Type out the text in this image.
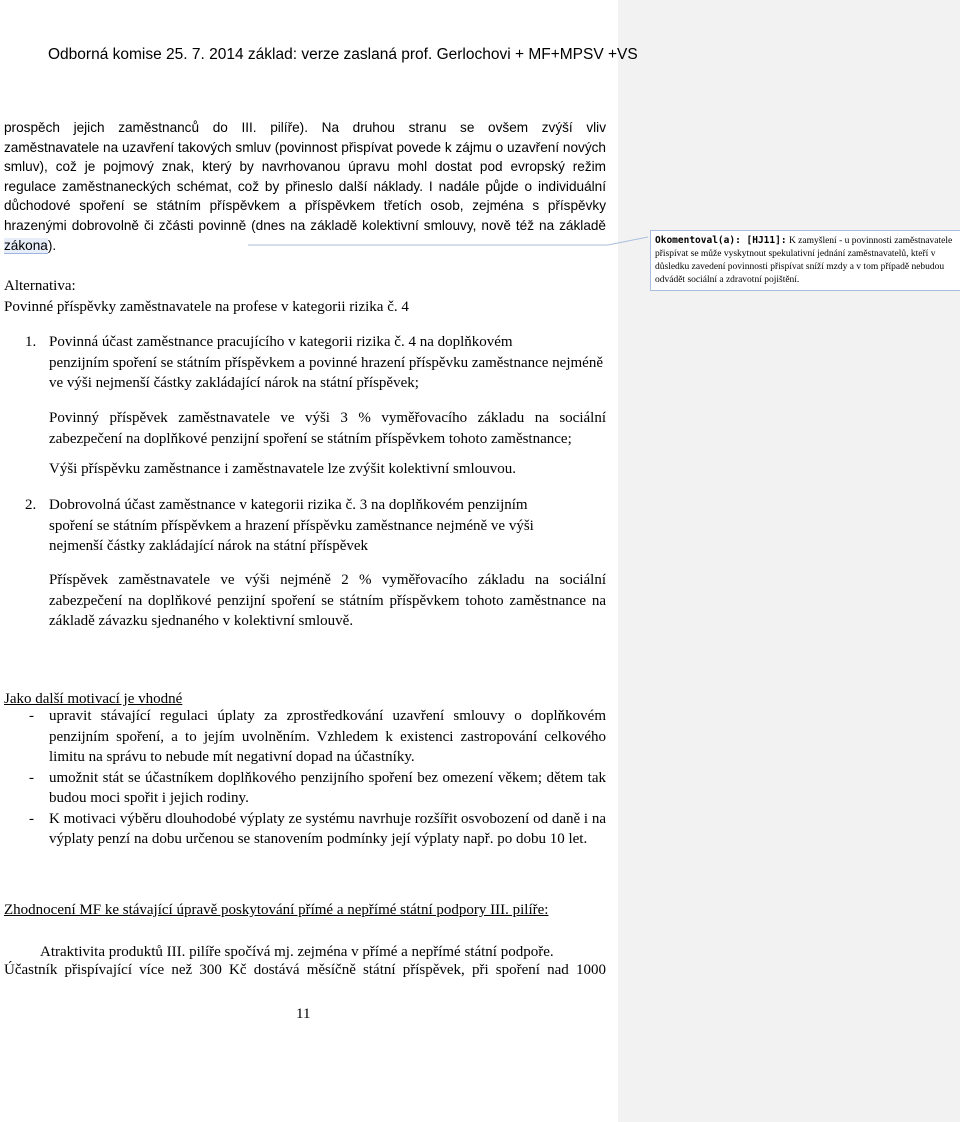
Odborná komise 25. 7. 2014 základ: verze zaslaná prof. Gerlochovi + MF+MPSV +VS
prospěch jejich zaměstnanců do III. pilíře). Na druhou stranu se ovšem zvýší vliv
zaměstnavatele na uzavření takových smluv (povinnost přispívat povede k zájmu o uzavření nových smluv), což je pojmový znak, který by navrhovanou úpravu mohl dostat pod evropský režim regulace zaměstnaneckých schémat, což by přineslo další náklady. I nadále půjde o individuální důchodové spoření se státním příspěvkem a příspěvkem třetích osob, zejména s příspěvky hrazenými dobrovolně či zčásti povinně (dnes na základě kolektivní smlouvy, nově též na základě zákona).	Okomentoval(a): [HJ11]: K zamyšlení - u povinnosti zaměstnavatele přispívat se může vyskytnout spekulativní jednání zaměstnavatelů, kteří v důsledku zavedení povinnosti přispívat sníží mzdy a v tom případě nebudou odvádět sociální a zdravotní pojištění.
Alternativa:
Povinné příspěvky zaměstnavatele na profese v kategorii rizika č. 4
1. Povinná účast zaměstnance pracujícího v kategorii rizika č. 4 na doplňkovém
penzijním spoření se státním příspěvkem a povinné hrazení příspěvku zaměstnance nejméně ve výši nejmenší částky zakládající nárok na státní příspěvek;
Povinný příspěvek zaměstnavatele ve výši 3 % vyměřovacího základu na sociální zabezpečení na doplňkové penzijní spoření se státním příspěvkem tohoto zaměstnance;
Výši příspěvku zaměstnance i zaměstnavatele lze zvýšit kolektivní smlouvou.
2. Dobrovolná účast zaměstnance v kategorii rizika č. 3 na doplňkovém penzijním
spoření se státním příspěvkem a hrazení příspěvku zaměstnance nejméně ve výši nejmenší částky zakládající nárok na státní příspěvek
Příspěvek zaměstnavatele ve výši nejméně 2 % vyměřovacího základu na sociální zabezpečení na doplňkové penzijní spoření se státním příspěvkem tohoto zaměstnance na základě závazku sjednaného v kolektivní smlouvě.
Jako další motivací je vhodné
- upravit stávající regulaci úplaty za zprostředkování uzavření smlouvy o doplňkovém penzijním spoření, a to jejím uvolněním. Vzhledem k existenci zastropování celkového limitu na správu to nebude mít negativní dopad na účastníky.
- umožnit stát se účastníkem doplňkového penzijního spoření bez omezení věkem; dětem tak budou moci spořit i jejich rodiny.
- K motivaci výběru dlouhodobé výplaty ze systému navrhuje rozšířit osvobození od daně i na výplaty penzí na dobu určenou se stanovením podmínky její výplaty např. po dobu 10 let.
Zhodnocení MF ke stávající úpravě poskytování přímé a nepřímé státní podpory III. pilíře:
Atraktivita produktů III. pilíře spočívá mj. zejména v přímé a nepřímé státní podpoře.
Účastník přispívající více než 300 Kč dostává měsíčně státní příspěvek, při spoření nad 1000
11
